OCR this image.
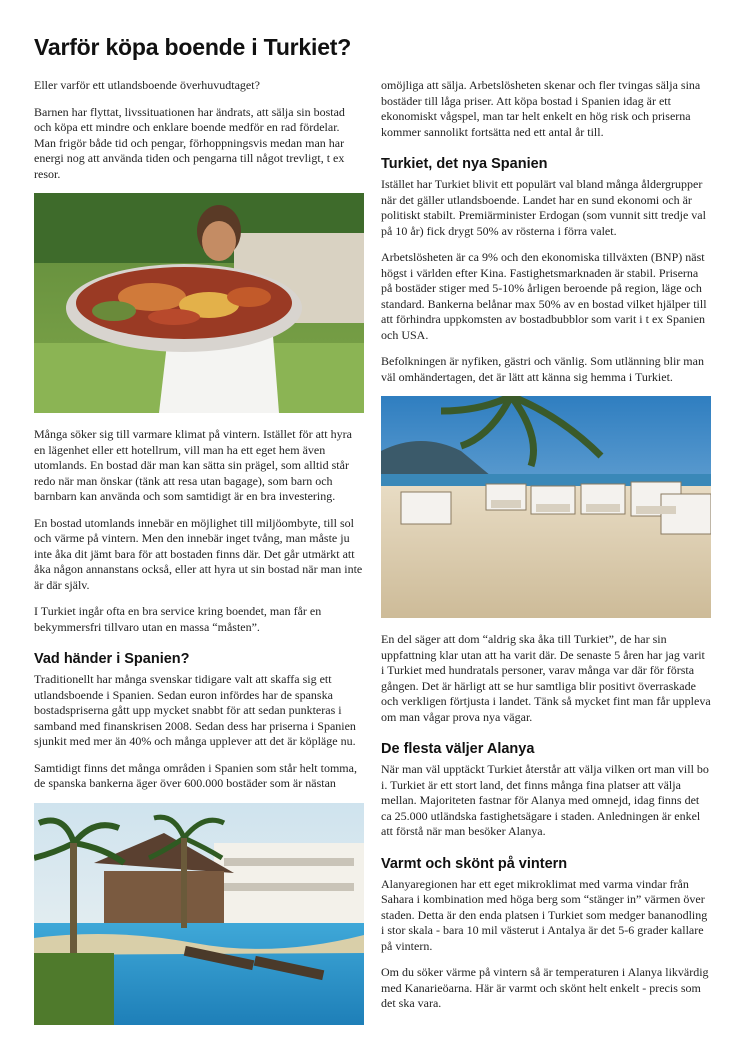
Varför köpa boende i Turkiet?

Eller varför ett utlandsboende överhuvudtaget?

Barnen har flyttat, livssituationen har ändrats, att sälja sin bostad och köpa ett mindre och enklare boende medför en rad fördelar. Man frigör både tid och pengar, förhoppningsvis medan man har energi nog att använda tiden och pengarna till något trevligt, t ex resor.

Många söker sig till varmare klimat på vintern. Istället för att hyra en lägenhet eller ett hotellrum, vill man ha ett eget hem även utomlands. En bostad där man kan sätta sin prägel, som alltid står redo när man önskar (tänk att resa utan bagage), som barn och barnbarn kan använda och som samtidigt är en bra investering.

En bostad utomlands innebär en möjlighet till miljöombyte, till sol och värme på vintern. Men den innebär inget tvång, man måste ju inte åka dit jämt bara för att bostaden finns där. Det går utmärkt att åka någon annanstans också, eller att hyra ut sin bostad när man inte är där själv.

I Turkiet ingår ofta en bra service kring boendet, man får en bekymmersfri tillvaro utan en massa “måsten”.

Vad händer i Spanien?

Traditionellt har många svenskar tidigare valt att skaffa sig ett utlandsboende i Spanien. Sedan euron infördes har de spanska bostadspriserna gått upp mycket snabbt för att sedan punkteras i samband med finanskrisen 2008. Sedan dess har priserna i Spanien sjunkit med mer än 40% och många upplever att det är köpläge nu.

Samtidigt finns det många områden i Spanien som står helt tomma, de spanska bankerna äger över 600.000 bostäder som är nästan

omöjliga att sälja. Arbetslösheten skenar och fler tvingas sälja sina bostäder till låga priser. Att köpa bostad i Spanien idag är ett ekonomiskt vågspel, man tar helt enkelt en hög risk och priserna kommer sannolikt fortsätta ned ett antal år till.

Turkiet, det nya Spanien

Istället har Turkiet blivit ett populärt val bland många åldergrupper när det gäller utlandsboende. Landet har en sund ekonomi och är politiskt stabilt. Premiärminister Erdogan (som vunnit sitt tredje val på 10 år) fick drygt 50% av rösterna i förra valet.

Arbetslösheten är ca 9% och den ekonomiska tillväxten (BNP) näst högst i världen efter Kina. Fastighetsmarknaden är stabil. Priserna på bostäder stiger med 5-10% årligen beroende på region, läge och standard. Bankerna belånar max 50% av en bostad vilket hjälper till att förhindra uppkomsten av bostadbubblor som varit i t ex Spanien och USA.

Befolkningen är nyfiken, gästri och vänlig. Som utlänning blir man väl omhändertagen, det är lätt att känna sig hemma i Turkiet.

En del säger att dom “aldrig ska åka till Turkiet”, de har sin uppfattning klar utan att ha varit där. De senaste 5 åren har jag varit i Turkiet med hundratals personer, varav många var där för första gången. Det är härligt att se hur samtliga blir positivt överraskade och verkligen förtjusta i landet. Tänk så mycket fint man får uppleva om man vågar prova nya vägar.

De flesta väljer Alanya

När man väl upptäckt Turkiet återstår att välja vilken ort man vill bo i. Turkiet är ett stort land, det finns många fina platser att välja mellan. Majoriteten fastnar för Alanya med omnejd, idag finns det ca 25.000 utländska fastighetsägare i staden. Anledningen är enkel att förstå när man besöker Alanya.

Varmt och skönt på vintern

Alanyaregionen har ett eget mikroklimat med varma vindar från Sahara i kombination med höga berg som “stänger in” värmen över staden. Detta är den enda platsen i Turkiet som medger bananodling i stor skala - bara 10 mil västerut i Antalya är det 5-6 grader kallare på vintern.

Om du söker värme på vintern så är temperaturen i Alanya likvärdig med Kanarieöarna. Här är varmt och skönt helt enkelt - precis som det ska vara.
